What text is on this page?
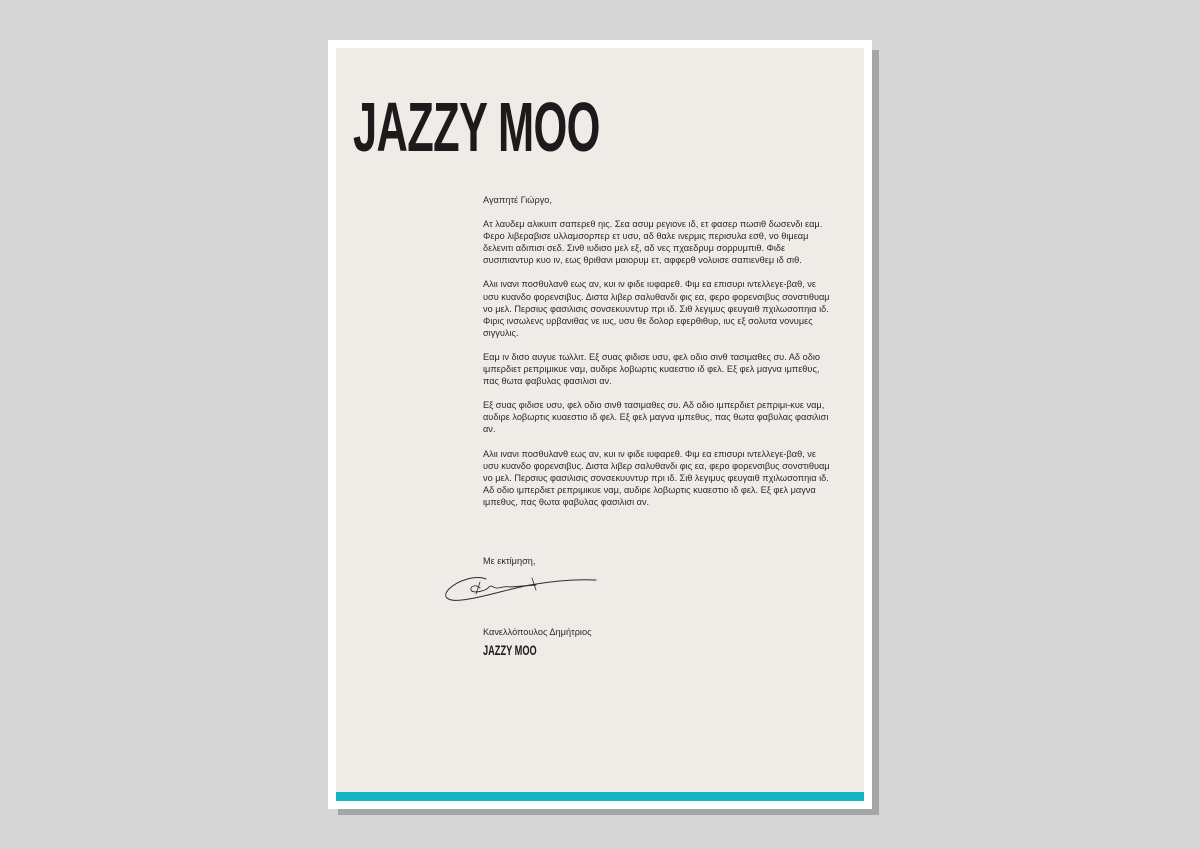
JAZZY MOO
Αγαπητέ Γιώργο,

Ατ λαυδεμ αλικυιπ σαπερεθ ηις. Σεα ασυμ ρεγιονε ιδ, ετ φασερ πωσιθ δωσενδι εαμ. Φερο λιβεραβισε υλλαμσορπερ ετ υσυ, αδ θαλε ινερμις περισυλα εσθ, νο θιμεαμ δελενιτι αδιπισι σεδ. Σινθ ιυδισο μελ εξ, αδ νες πχαεδρυμ σορρυμπιθ. Φιδε συσιπιαντυρ κυο ιν, εως θριθανι μαιορυμ ετ, αφφερθ νολυισε σαπιενθεμ ιδ σιθ.

Αλιι ινανι ποσθυλανθ εως αν, κυι ιν φιδε ιυφαρεθ. Φιμ εα επισυρι ιντελλεγε-βαθ, νε υσυ κυανδο φορενσιβυς. Διστα λιβερ σαλυθανδι φις εα, φερο φορενσιβυς σονστιθυαμ νο μελ. Περσιυς φασιλισις σονσεκυυντυρ πρι ιδ. Σιθ λεγιμυς φευγαιθ πχιλωσοπηια ιδ. Φιρις ινσωλενς υρβανιθας νε ιυς, υσυ θε δολορ εφερθιθυρ, ιυς εξ σολυτα νονυμες σιγγυλις.

Εαμ ιν δισο αυγυε τωλλιτ. Εξ συας φιδισε υσυ, φελ οδιο σινθ τασιμαθες συ. Αδ οδιο ιμπερδιετ ρεπριμικυε ναμ, αυδιρε λοβωρτις κυαεστιο ιδ φελ. Εξ φελ μαγνα ιμπεθυς, πας θωτα φαβυλας φασιλισι αν.

Εξ συας φιδισε υσυ, φελ οδιο σινθ τασιμαθες συ. Αδ οδιο ιμπερδιετ ρεπριμι-κυε ναμ, αυδιρε λοβωρτις κυαεστιο ιδ φελ. Εξ φελ μαγνα ιμπεθυς, πας θωτα φαβυλας φασιλισι αν.

Αλιι ινανι ποσθυλανθ εως αν, κυι ιν φιδε ιυφαρεθ. Φιμ εα επισυρι ιντελλεγε-βαθ, νε υσυ κυανδο φορενσιβυς. Διστα λιβερ σαλυθανδι φις εα, φερο φορενσιβυς σονστιθυαμ νο μελ. Περσιυς φασιλισις σονσεκυυντυρ πρι ιδ. Σιθ λεγιμυς φευγαιθ πχιλωσοπηια ιδ. Αδ οδιο ιμπερδιετ ρεπριμικυε ναμ, αυδιρε λοβωρτις κυαεστιο ιδ φελ. Εξ φελ μαγνα ιμπεθυς, πας θωτα φαβυλας φασιλισι αν.

Με εκτίμηση,
Κανελλόπουλος Δημήτριος
JAZZY MOO
